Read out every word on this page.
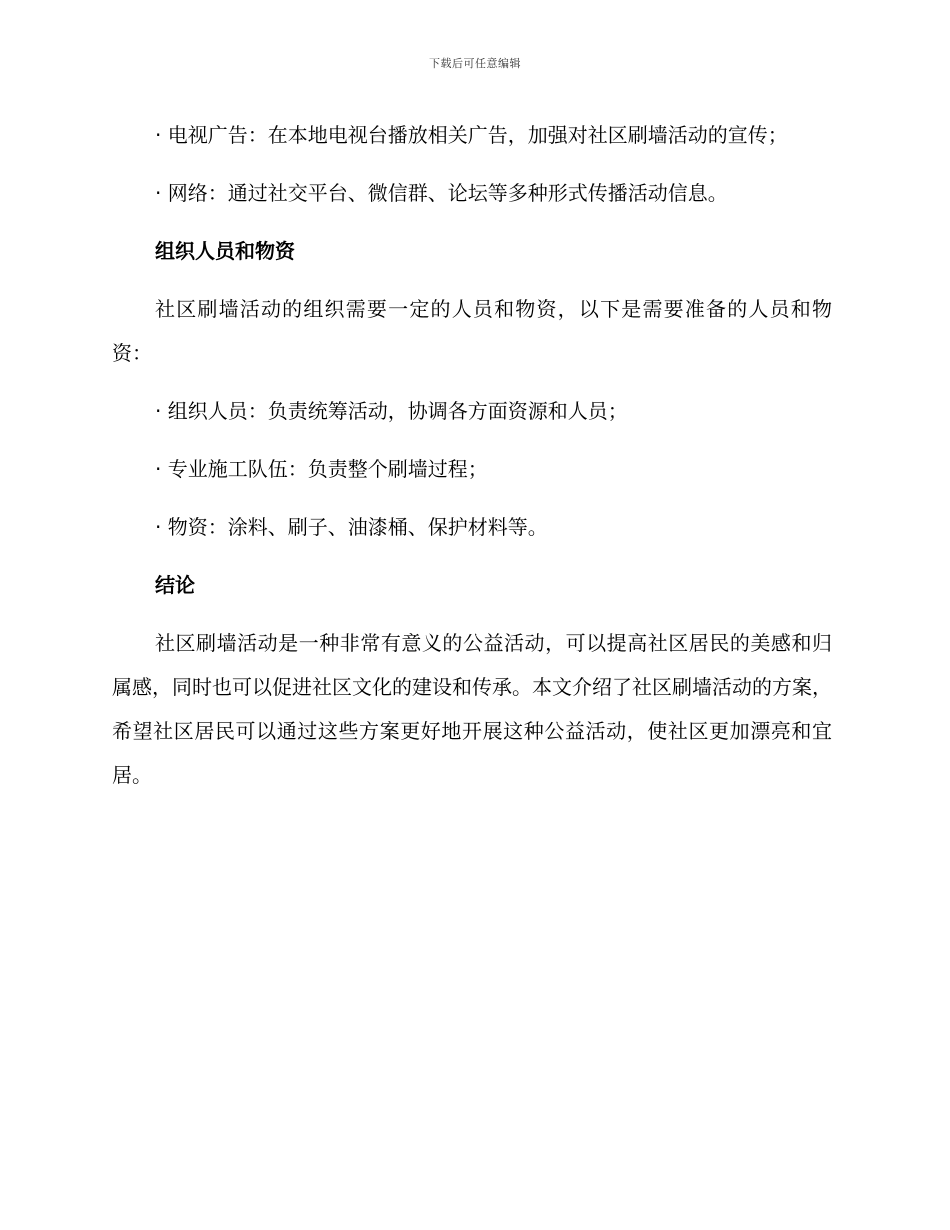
下载后可任意编辑

· 电视广告：在本地电视台播放相关广告，加强对社区刷墙活动的宣传；

· 网络：通过社交平台、微信群、论坛等多种形式传播活动信息。

组织人员和物资

社区刷墙活动的组织需要一定的人员和物资，以下是需要准备的人员和物资：

· 组织人员：负责统筹活动，协调各方面资源和人员；

· 专业施工队伍：负责整个刷墙过程；

· 物资：涂料、刷子、油漆桶、保护材料等。

结论

社区刷墙活动是一种非常有意义的公益活动，可以提高社区居民的美感和归属感，同时也可以促进社区文化的建设和传承。本文介绍了社区刷墙活动的方案，希望社区居民可以通过这些方案更好地开展这种公益活动，使社区更加漂亮和宜居。
